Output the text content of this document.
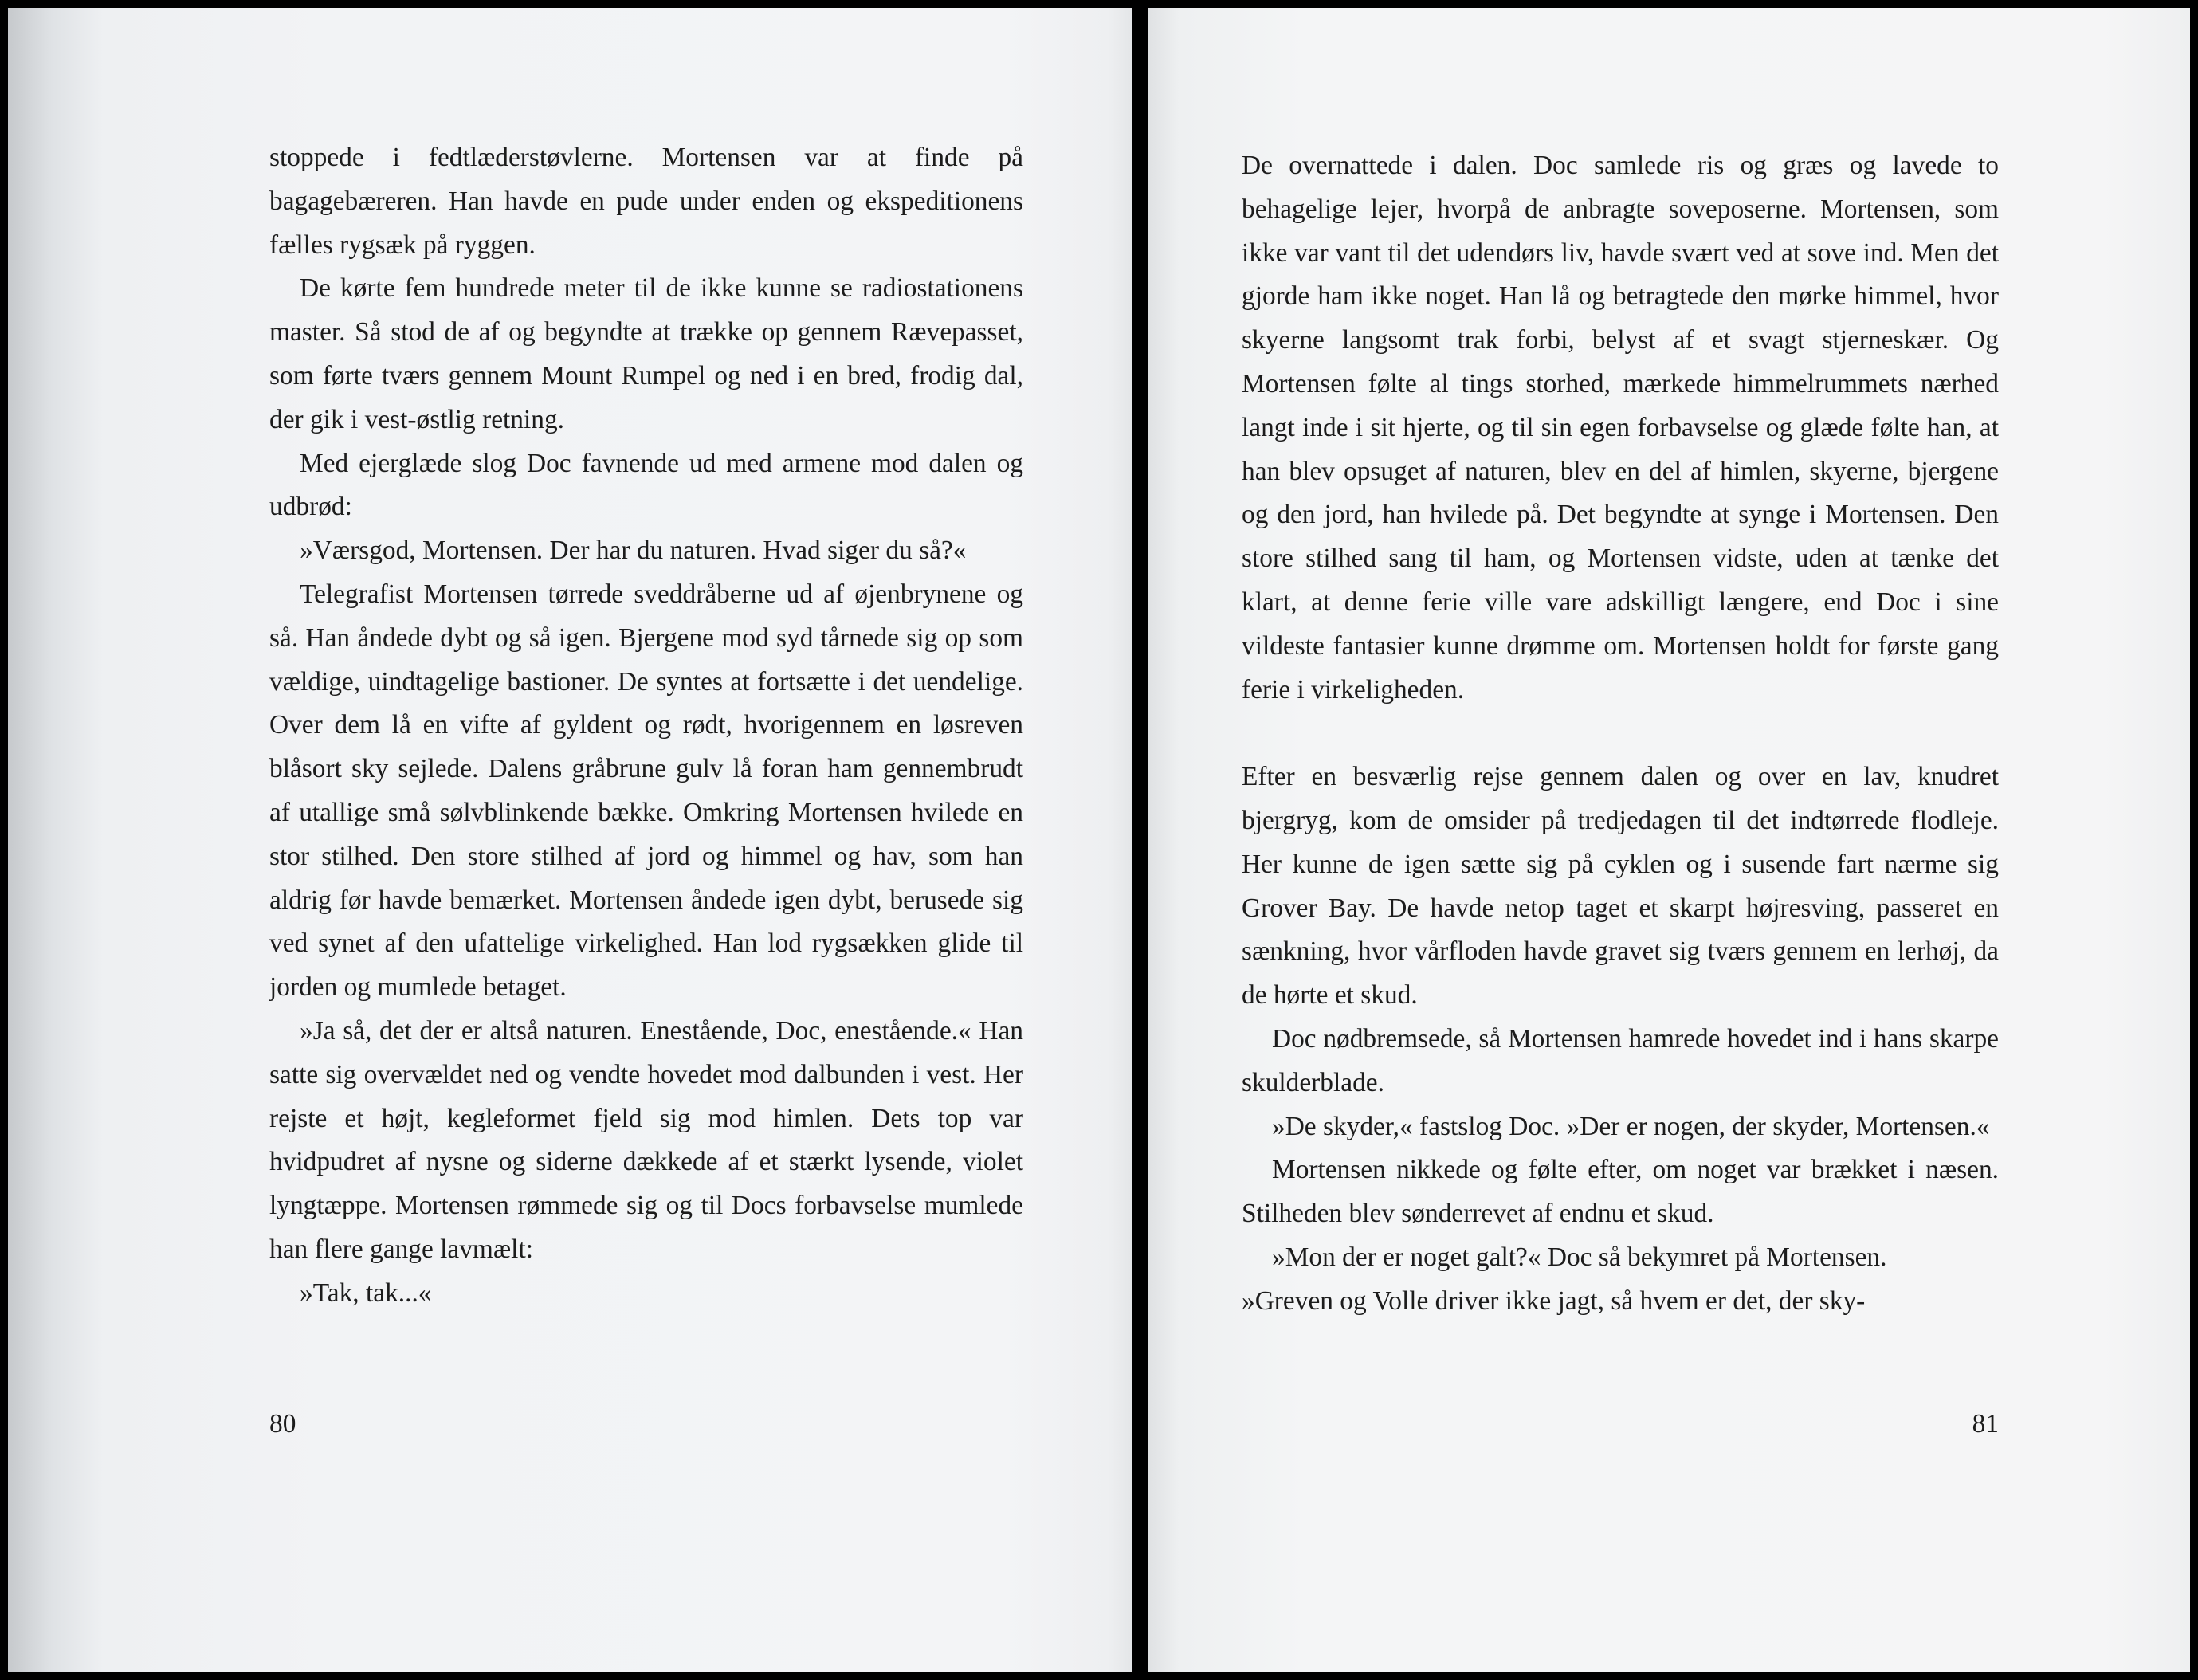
stoppede i fedtlæderstøvlerne. Mortensen var at finde på bagagebæreren. Han havde en pude under enden og ekspeditionens fælles rygsæk på ryggen.

De kørte fem hundrede meter til de ikke kunne se radiostationens master. Så stod de af og begyndte at trække op gennem Rævepasset, som førte tværs gennem Mount Rumpel og ned i en bred, frodig dal, der gik i vest-østlig retning.

Med ejerglæde slog Doc favnende ud med armene mod dalen og udbrød:

»Værsgod, Mortensen. Der har du naturen. Hvad siger du så?«

Telegrafist Mortensen tørrede sveddråberne ud af øjenbrynene og så. Han åndede dybt og så igen. Bjergene mod syd tårnede sig op som vældige, uindtagelige bastioner. De syntes at fortsætte i det uendelige. Over dem lå en vifte af gyldent og rødt, hvorigennem en løsreven blåsort sky sejlede. Dalens gråbrune gulv lå foran ham gennembrudt af utallige små sølvblinkende bække. Omkring Mortensen hvilede en stor stilhed. Den store stilhed af jord og himmel og hav, som han aldrig før havde bemærket. Mortensen åndede igen dybt, berusede sig ved synet af den ufattelige virkelighed. Han lod rygsækken glide til jorden og mumlede betaget.

»Ja så, det der er altså naturen. Enestående, Doc, enestående.« Han satte sig overvældet ned og vendte hovedet mod dalbunden i vest. Her rejste et højt, kegleformet fjeld sig mod himlen. Dets top var hvidpudret af nysne og siderne dækkede af et stærkt lysende, violet lyngtæppe. Mortensen rømmede sig og til Docs forbavselse mumlede han flere gange lavmælt:

»Tak, tak...«

80

De overnattede i dalen. Doc samlede ris og græs og lavede to behagelige lejer, hvorpå de anbragte soveposerne. Mortensen, som ikke var vant til det udendørs liv, havde svært ved at sove ind. Men det gjorde ham ikke noget. Han lå og betragtede den mørke himmel, hvor skyerne langsomt trak forbi, belyst af et svagt stjerneskær. Og Mortensen følte al tings storhed, mærkede himmelrummets nærhed langt inde i sit hjerte, og til sin egen forbavselse og glæde følte han, at han blev opsuget af naturen, blev en del af himlen, skyerne, bjergene og den jord, han hvilede på. Det begyndte at synge i Mortensen. Den store stilhed sang til ham, og Mortensen vidste, uden at tænke det klart, at denne ferie ville vare adskilligt længere, end Doc i sine vildeste fantasier kunne drømme om. Mortensen holdt for første gang ferie i virkeligheden.

Efter en besværlig rejse gennem dalen og over en lav, knudret bjergryg, kom de omsider på tredjedagen til det indtørrede flodleje. Her kunne de igen sætte sig på cyklen og i susende fart nærme sig Grover Bay. De havde netop taget et skarpt højresving, passeret en sænkning, hvor vårfloden havde gravet sig tværs gennem en lerhøj, da de hørte et skud.

Doc nødbremsede, så Mortensen hamrede hovedet ind i hans skarpe skulderblade.

»De skyder,« fastslog Doc. »Der er nogen, der skyder, Mortensen.«

Mortensen nikkede og følte efter, om noget var brækket i næsen. Stilheden blev sønderrevet af endnu et skud.

»Mon der er noget galt?« Doc så bekymret på Mortensen.

»Greven og Volle driver ikke jagt, så hvem er det, der sky-

81
